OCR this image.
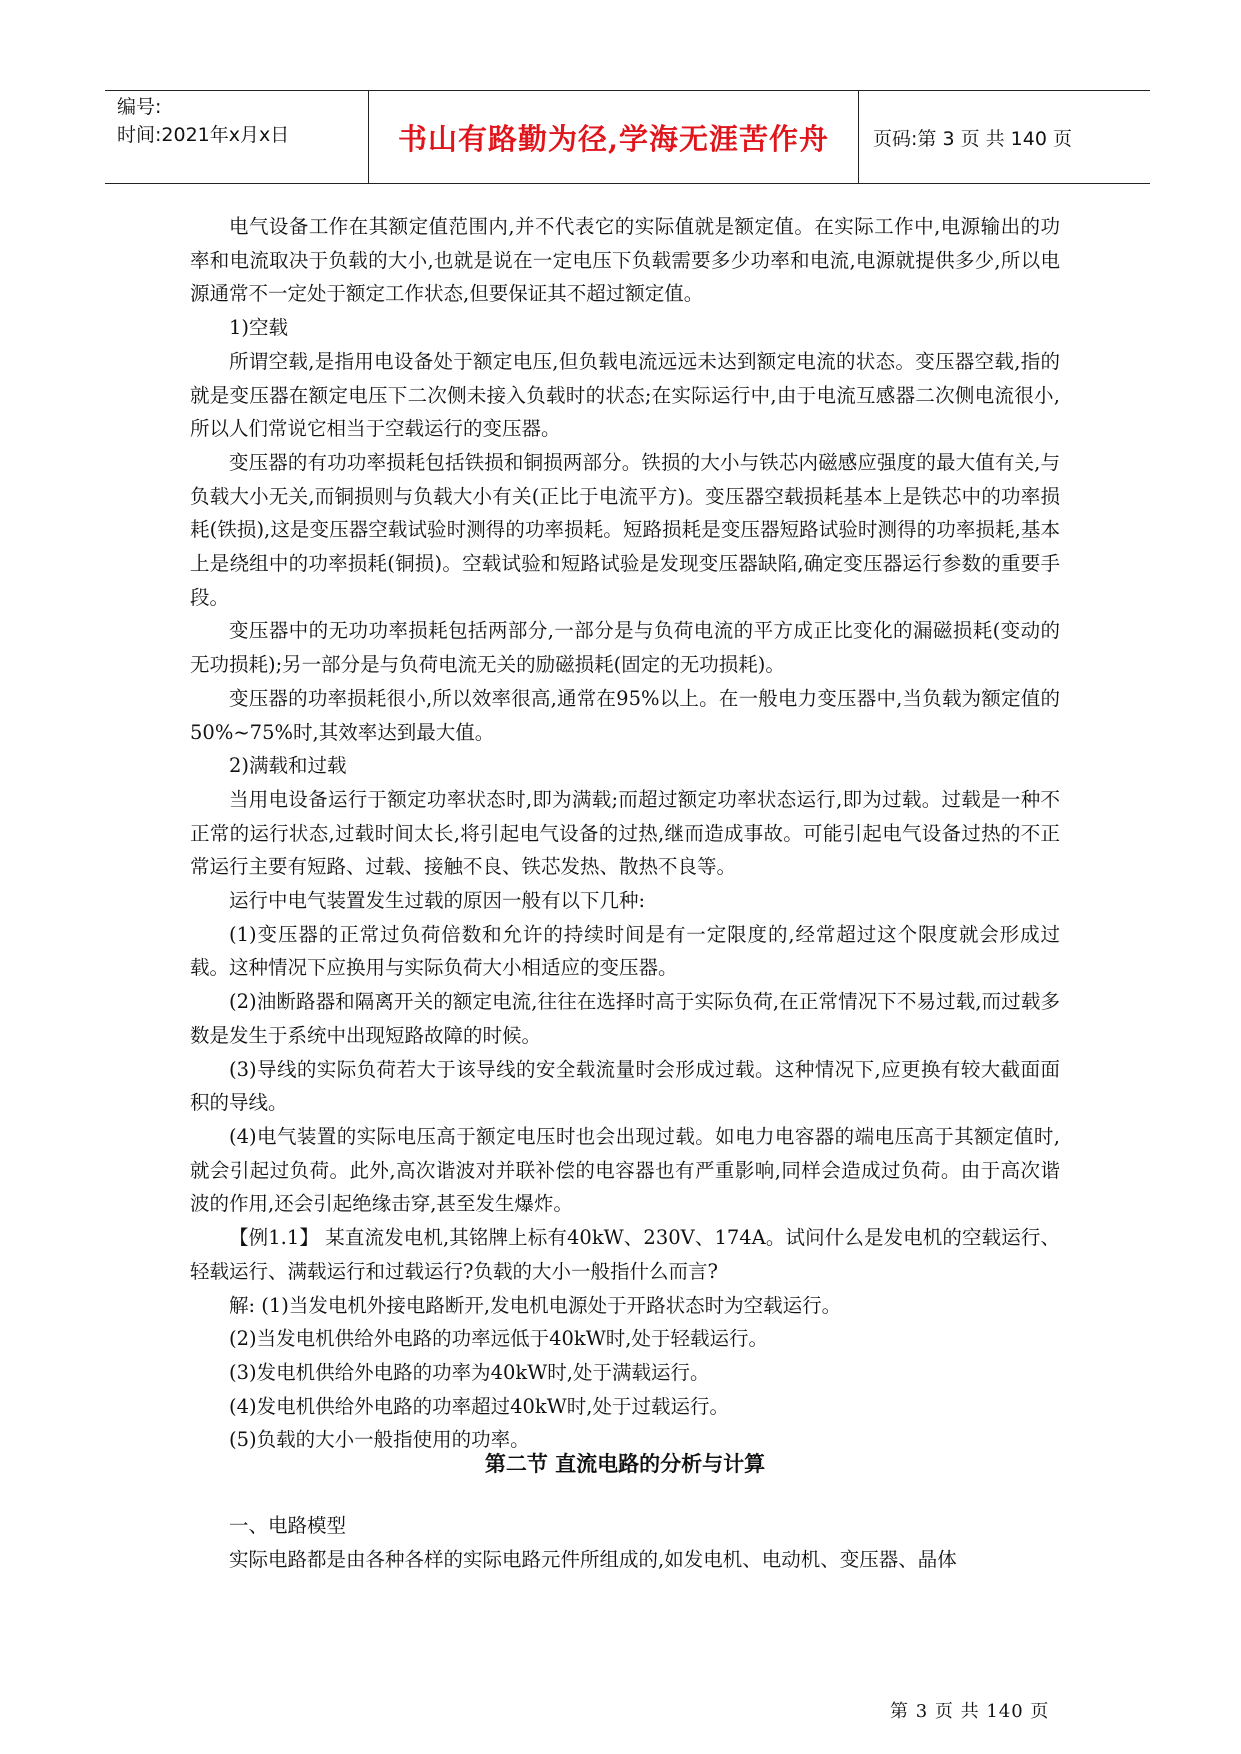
编号:
时间:2021年x月x日	书山有路勤为径,学海无涯苦作舟	页码:第 3 页 共 140 页

电气设备工作在其额定值范围内,并不代表它的实际值就是额定值。在实际工作中,电源输出的功率和电流取决于负载的大小,也就是说在一定电压下负载需要多少功率和电流,电源就提供多少,所以电源通常不一定处于额定工作状态,但要保证其不超过额定值。

1)空载

所谓空载,是指用电设备处于额定电压,但负载电流远远未达到额定电流的状态。变压器空载,指的就是变压器在额定电压下二次侧未接入负载时的状态;在实际运行中,由于电流互感器二次侧电流很小,所以人们常说它相当于空载运行的变压器。

变压器的有功功率损耗包括铁损和铜损两部分。铁损的大小与铁芯内磁感应强度的最大值有关,与负载大小无关,而铜损则与负载大小有关(正比于电流平方)。变压器空载损耗基本上是铁芯中的功率损耗(铁损),这是变压器空载试验时测得的功率损耗。短路损耗是变压器短路试验时测得的功率损耗,基本上是绕组中的功率损耗(铜损)。空载试验和短路试验是发现变压器缺陷,确定变压器运行参数的重要手段。

变压器中的无功功率损耗包括两部分,一部分是与负荷电流的平方成正比变化的漏磁损耗(变动的无功损耗);另一部分是与负荷电流无关的励磁损耗(固定的无功损耗)。

变压器的功率损耗很小,所以效率很高,通常在95%以上。在一般电力变压器中,当负载为额定值的50%~75%时,其效率达到最大值。

2)满载和过载

当用电设备运行于额定功率状态时,即为满载;而超过额定功率状态运行,即为过载。过载是一种不正常的运行状态,过载时间太长,将引起电气设备的过热,继而造成事故。可能引起电气设备过热的不正常运行主要有短路、过载、接触不良、铁芯发热、散热不良等。

运行中电气装置发生过载的原因一般有以下几种:

(1)变压器的正常过负荷倍数和允许的持续时间是有一定限度的,经常超过这个限度就会形成过载。这种情况下应换用与实际负荷大小相适应的变压器。

(2)油断路器和隔离开关的额定电流,往往在选择时高于实际负荷,在正常情况下不易过载,而过载多数是发生于系统中出现短路故障的时候。

(3)导线的实际负荷若大于该导线的安全载流量时会形成过载。这种情况下,应更换有较大截面面积的导线。

(4)电气装置的实际电压高于额定电压时也会出现过载。如电力电容器的端电压高于其额定值时,就会引起过负荷。此外,高次谐波对并联补偿的电容器也有严重影响,同样会造成过负荷。由于高次谐波的作用,还会引起绝缘击穿,甚至发生爆炸。

【例1.1】 某直流发电机,其铭牌上标有40kW、230V、174A。试问什么是发电机的空载运行、轻载运行、满载运行和过载运行?负载的大小一般指什么而言?

解: (1)当发电机外接电路断开,发电机电源处于开路状态时为空载运行。

(2)当发电机供给外电路的功率远低于40kW时,处于轻载运行。

(3)发电机供给外电路的功率为40kW时,处于满载运行。

(4)发电机供给外电路的功率超过40kW时,处于过载运行。

(5)负载的大小一般指使用的功率。

第二节 直流电路的分析与计算

一、电路模型

实际电路都是由各种各样的实际电路元件所组成的,如发电机、电动机、变压器、晶体

第 3 页 共 140 页
